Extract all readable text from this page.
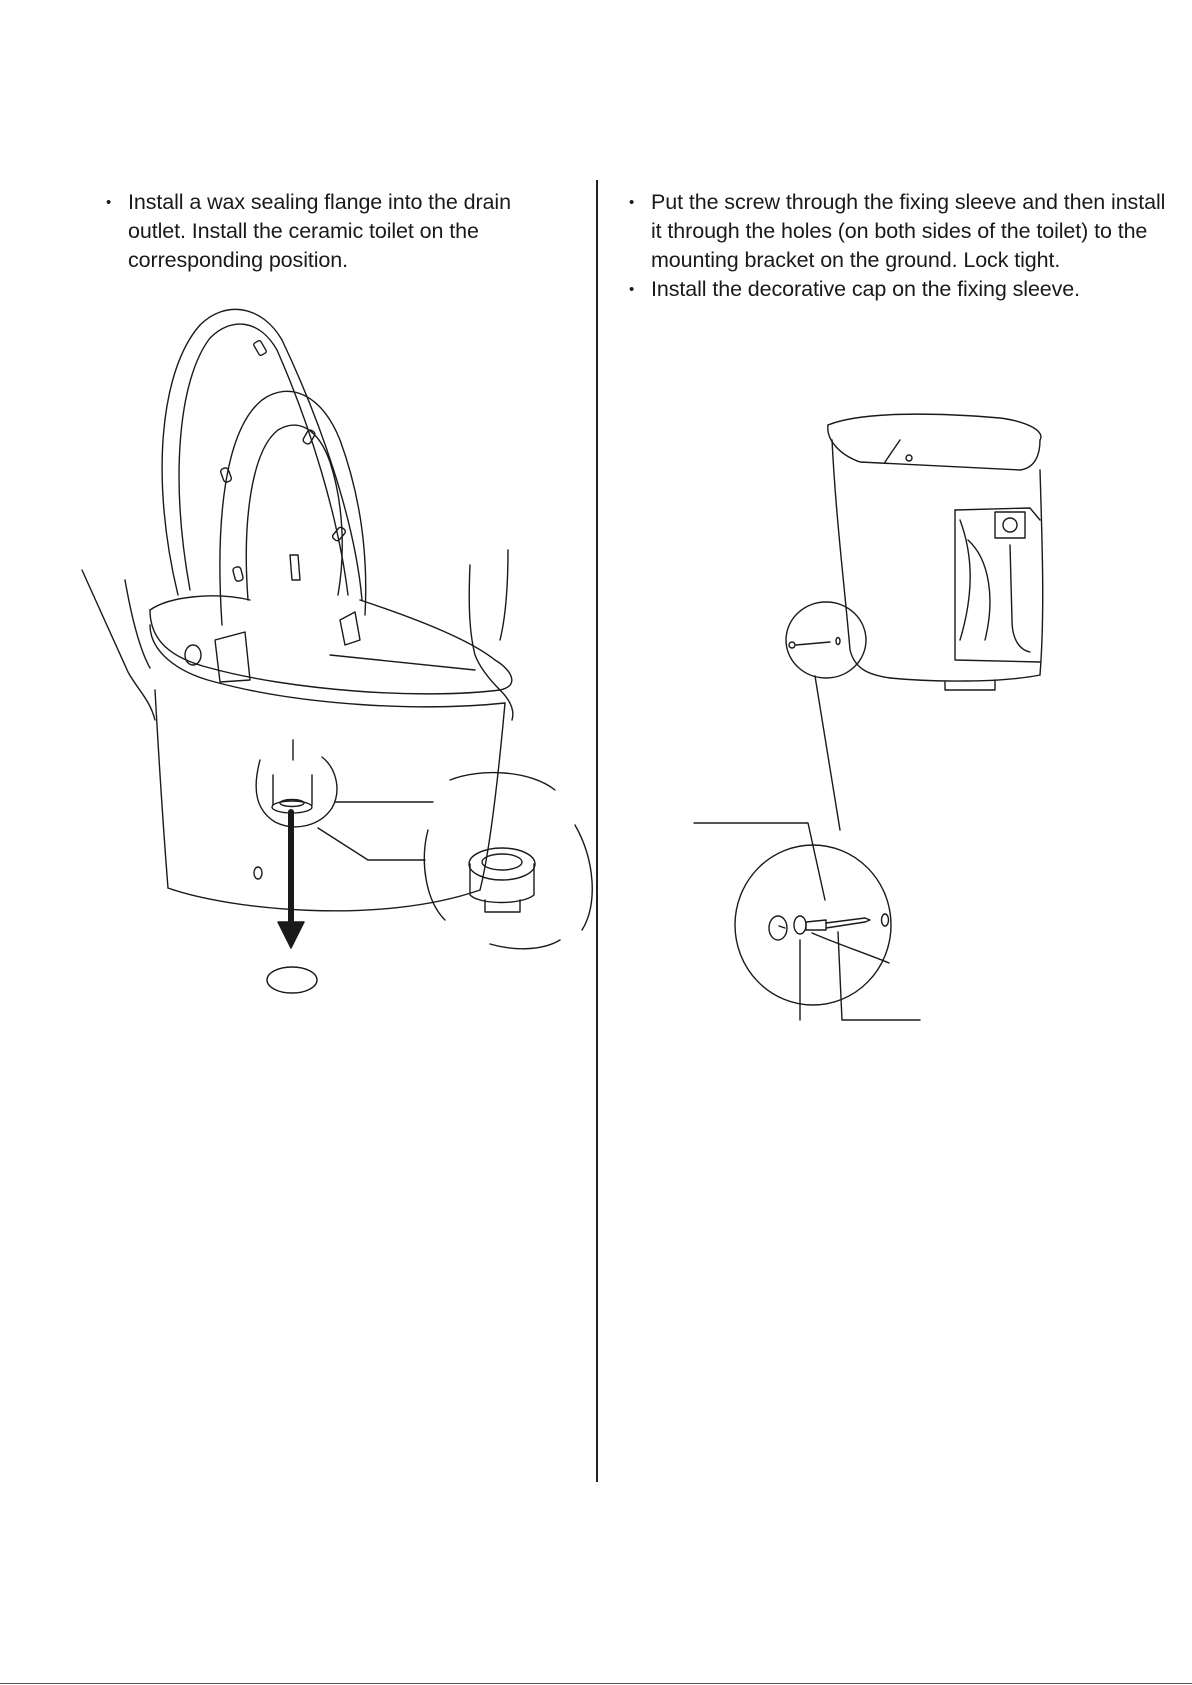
• Install a wax sealing flange into the drain outlet. Install the ceramic toilet on the corresponding position.
• Put the screw through the fixing sleeve and then install it through the holes (on both sides of the toilet) to the mounting bracket on the ground. Lock tight.
• Install the decorative cap on the fixing sleeve.
